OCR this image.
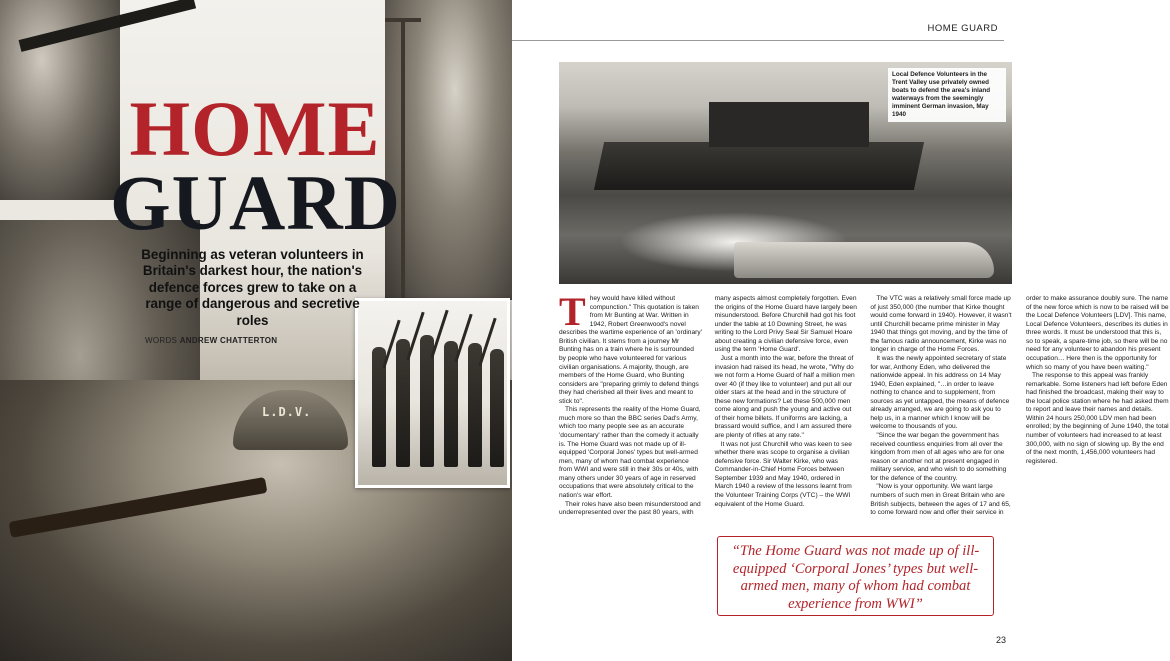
L.D.V.
HOME
GUARD

Beginning as veteran volunteers in Britain's darkest hour, the nation's defence forces grew to take on a range of dangerous and secretive roles

WORDS ANDREW CHATTERTON
HOME GUARD
Local Defence Volunteers in the Trent Valley use privately owned boats to defend the area's inland waterways from the seemingly imminent German invasion, May 1940

They would have killed without compunction." This quotation is taken from Mr Bunting at War. Written in 1942, Robert Greenwood's novel describes the wartime experience of an 'ordinary' British civilian. It stems from a journey Mr Bunting has on a train where he is surrounded by people who have volunteered for various civilian organisations. A majority, though, are members of the Home Guard, who Bunting considers are "preparing grimly to defend things they had cherished all their lives and meant to stick to".

This represents the reality of the Home Guard, much more so than the BBC series Dad's Army, which too many people see as an accurate 'documentary' rather than the comedy it actually is. The Home Guard was not made up of ill-equipped 'Corporal Jones' types but well-armed men, many of whom had combat experience from WWI and were still in their 30s or 40s, with many others under 30 years of age in reserved occupations that were absolutely critical to the nation's war effort.

Their roles have also been misunderstood and underrepresented over the past 80 years, with many aspects almost completely forgotten. Even the origins of the Home Guard have largely been misunderstood. Before Churchill had got his foot under the table at 10 Downing Street, he was writing to the Lord Privy Seal Sir Samuel Hoare about creating a civilian defensive force, even using the term 'Home Guard'.

Just a month into the war, before the threat of invasion had raised its head, he wrote, "Why do we not form a Home Guard of half a million men over 40 (if they like to volunteer) and put all our older stars at the head and in the structure of these new formations? Let these 500,000 men come along and push the young and active out of their home billets. If uniforms are lacking, a brassard would suffice, and I am assured there are plenty of rifles at any rate."

It was not just Churchill who was keen to see whether there was scope to organise a civilian defensive force. Sir Walter Kirke, who was Commander-in-Chief Home Forces between September 1939 and May 1940, ordered in March 1940 a review of the lessons learnt from the Volunteer Training Corps (VTC) – the WWI equivalent of the Home Guard.

The VTC was a relatively small force made up of just 350,000 (the number that Kirke thought would come forward in 1940). However, it wasn't until Churchill became prime minister in May 1940 that things got moving, and by the time of the famous radio announcement, Kirke was no longer in charge of the Home Forces.

It was the newly appointed secretary of state for war, Anthony Eden, who delivered the nationwide appeal. In his address on 14 May 1940, Eden explained, "…in order to leave nothing to chance and to supplement, from sources as yet untapped, the means of defence already arranged, we are going to ask you to help us, in a manner which I know will be welcome to thousands of you.

"Since the war began the government has received countless enquiries from all over the kingdom from men of all ages who are for one reason or another not at present engaged in military service, and who wish to do something for the defence of the country.

"Now is your opportunity. We want large numbers of such men in Great Britain who are British subjects, between the ages of 17 and 65, to come forward now and offer their service in order to make assurance doubly sure. The name of the new force which is now to be raised will be the Local Defence Volunteers [LDV]. This name, Local Defence Volunteers, describes its duties in three words. It must be understood that this is, so to speak, a spare-time job, so there will be no need for any volunteer to abandon his present occupation… Here then is the opportunity for which so many of you have been waiting."

The response to this appeal was frankly remarkable. Some listeners had left before Eden had finished the broadcast, making their way to the local police station where he had asked them to report and leave their names and details. Within 24 hours 250,000 LDV men had been enrolled; by the beginning of June 1940, the total number of volunteers had increased to at least 300,000, with no sign of slowing up. By the end of the next month, 1,456,000 volunteers had registered.

“The Home Guard was not made up of ill-equipped ‘Corporal Jones’ types but well-armed men, many of whom had combat experience from WWI”
23
